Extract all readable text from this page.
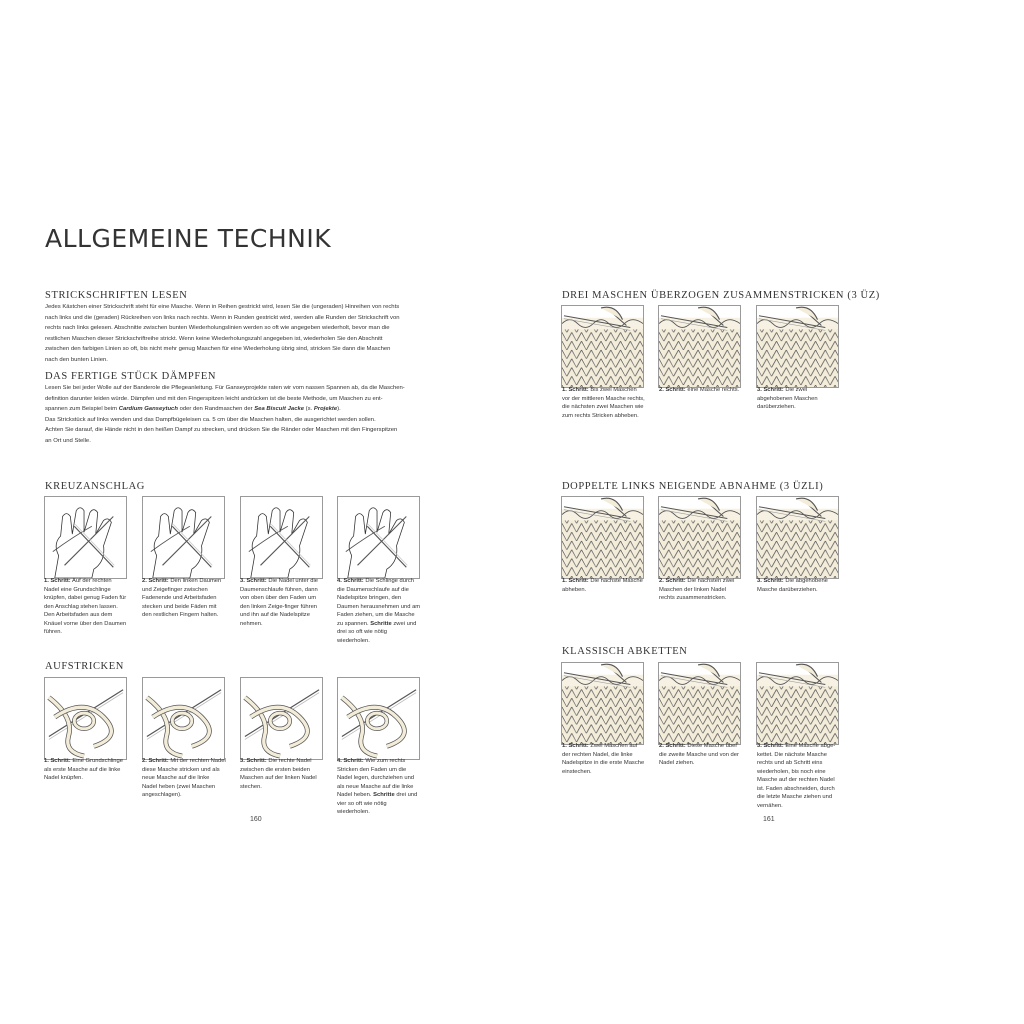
ALLGEMEINE TECHNIK
STRICKSCHRIFTEN LESEN

Jedes Kästchen einer Strickschrift steht für eine Masche. Wenn in Reihen gestrickt wird, lesen Sie die (ungeraden) Hinreihen von rechts

nach links und die (geraden) Rückreihen von links nach rechts. Wenn in Runden gestrickt wird, werden alle Runden der Strickschrift von

rechts nach links gelesen. Abschnitte zwischen bunten Wiederholungslinien werden so oft wie angegeben wiederholt, bevor man die

restlichen Maschen dieser Strickschriftreihe strickt. Wenn keine Wiederholungszahl angegeben ist, wiederholen Sie den Abschnitt

zwischen den farbigen Linien so oft, bis nicht mehr genug Maschen für eine Wiederholung übrig sind, stricken Sie dann die Maschen

nach den bunten Linien.

DAS FERTIGE STÜCK DÄMPFEN

Lesen Sie bei jeder Wolle auf der Banderole die Pflegeanleitung. Für Ganseyprojekte raten wir vom nassen Spannen ab, da die Maschen-

definition darunter leiden würde. Dämpfen und mit den Fingerspitzen leicht andrücken ist die beste Methode, um Maschen zu ent-

spannen zum Beispiel beim Cardium Ganseytuch oder den Randmaschen der Sea Biscuit Jacke (s. Projekte).

Das Strickstück auf links wenden und das Dampfbügeleisen ca. 5 cm über die Maschen halten, die ausgerichtet werden sollen.

Achten Sie darauf, die Hände nicht in den heißen Dampf zu strecken, und drücken Sie die Ränder oder Maschen mit den Fingerspitzen

an Ort und Stelle.

KREUZANSCHLAG
1. Schritt: Auf der rechten Nadel eine Grundschlinge knüpfen, dabei genug Faden für den Anschlag stehen lassen. Den Arbeitsfaden aus dem Knäuel vorne über den Daumen führen.
2. Schritt: Den linken Daumen und Zeigefinger zwischen Fadenende und Arbeitsfaden stecken und beide Fäden mit den restlichen Fingern halten.
3. Schritt: Die Nadel unter die Daumenschlaufe führen, dann von oben über den Faden um den linken Zeige-finger führen und ihn auf die Nadelspitze nehmen.
4. Schritt: Die Schlinge durch die Daumenschlaufe auf die Nadelspitze bringen, den Daumen herausnehmen und am Faden ziehen, um die Masche zu spannen. Schritte zwei und drei so oft wie nötig wiederholen.
AUFSTRICKEN
1. Schritt: Eine Grundschlinge als erste Masche auf die linke Nadel knüpfen.
2. Schritt: Mit der rechten Nadel diese Masche stricken und als neue Masche auf die linke Nadel heben (zwei Maschen angeschlagen).
3. Schritt: Die rechte Nadel zwischen die ersten beiden Maschen auf der linken Nadel stechen.
4. Schritt: Wie zum rechts Stricken den Faden um die Nadel legen, durchziehen und als neue Masche auf die linke Nadel heben. Schritte drei und vier so oft wie nötig wiederholen.
160
DREI MASCHEN ÜBERZOGEN ZUSAMMENSTRICKEN (3 ÜZ)
1. Schritt: Bis zwei Maschen vor der mittleren Masche rechts, die nächsten zwei Maschen wie zum rechts Stricken abheben.
2. Schritt: eine Masche rechts.	3. Schritt: Die zwei abgehobenen Maschen darüberziehen.
DOPPELTE LINKS NEIGENDE ABNAHME (3 ÜZLI)
1. Schritt: Die nächste Masche abheben.
2. Schritt: Die nächsten zwei Maschen der linken Nadel rechts zusammenstricken.
3. Schritt: Die abgehobene Masche darüberziehen.
KLASSISCH ABKETTEN
1. Schritt: Zwei Maschen auf der rechten Nadel, die linke Nadelspitze in die erste Masche einstechen.
2. Schritt: Diese Masche über die zweite Masche und von der Nadel ziehen.
3. Schritt: Eine Masche abge-kettet. Die nächste Masche rechts und ab Schritt eins wiederholen, bis noch eine Masche auf der rechten Nadel ist. Faden abschneiden, durch die letzte Masche ziehen und vernähen.
161
